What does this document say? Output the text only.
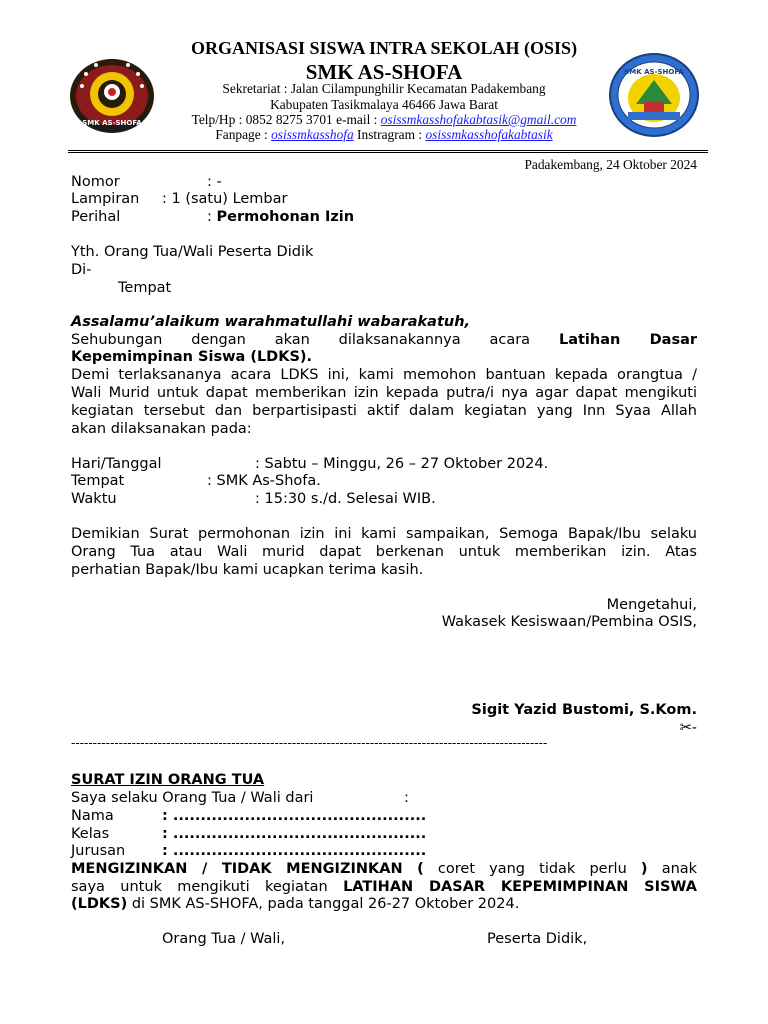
SMK AS-SHOFA
SMK AS-SHOFA
ORGANISASI SISWA INTRA SEKOLAH (OSIS)
SMK AS-SHOFA
Sekretariat : Jalan Cilampunghilir Kecamatan Padakembang
Kabupaten Tasikmalaya 46466 Jawa Barat
Telp/Hp : 0852 8275 3701 e-mail : osissmkasshofakabtasik@gmail.com
Fanpage : osissmkasshofa Instragram : osissmkasshofakabtasik
Padakembang, 24 Oktober 2024
Nomor	: -
Lampiran : 1 (satu) Lembar
Perihal	: Permohonan Izin
Yth. Orang Tua/Wali Peserta Didik
Di-
Tempat
Assalamu’alaikum warahmatullahi wabarakatuh,
Sehubungan dengan akan dilaksanakannya acara Latihan Dasar
Kepemimpinan Siswa (LDKS).
Demi terlaksananya acara LDKS ini, kami memohon bantuan kepada orangtua /
Wali Murid untuk dapat memberikan izin kepada putra/i nya agar dapat mengikuti
kegiatan tersebut dan berpartisipasti aktif dalam kegiatan yang Inn Syaa Allah
akan dilaksanakan pada:
Hari/Tanggal	: Sabtu – Minggu, 26 – 27 Oktober 2024.
Tempat	: SMK As-Shofa.
Waktu	: 15:30 s./d. Selesai WIB.
Demikian Surat permohonan izin ini kami sampaikan, Semoga Bapak/Ibu selaku
Orang Tua atau Wali murid dapat berkenan untuk memberikan izin. Atas
perhatian Bapak/Ibu kami ucapkan terima kasih.
Mengetahui,
Wakasek Kesiswaan/Pembina OSIS,
Sigit Yazid Bustomi, S.Kom.
✂-
--------------------------------------------------------------------------------------------------------------
SURAT IZIN ORANG TUA
Saya selaku Orang Tua / Wali dari	:
Nama	: ..............................................
Kelas	: ..............................................
Jurusan	: ..............................................
MENGIZINKAN / TIDAK MENGIZINKAN ( coret yang tidak perlu ) anak
saya untuk mengikuti kegiatan LATIHAN DASAR KEPEMIMPINAN SISWA
(LDKS) di SMK AS-SHOFA, pada tanggal 26-27 Oktober 2024.
Orang Tua / Wali,	Peserta Didik,
